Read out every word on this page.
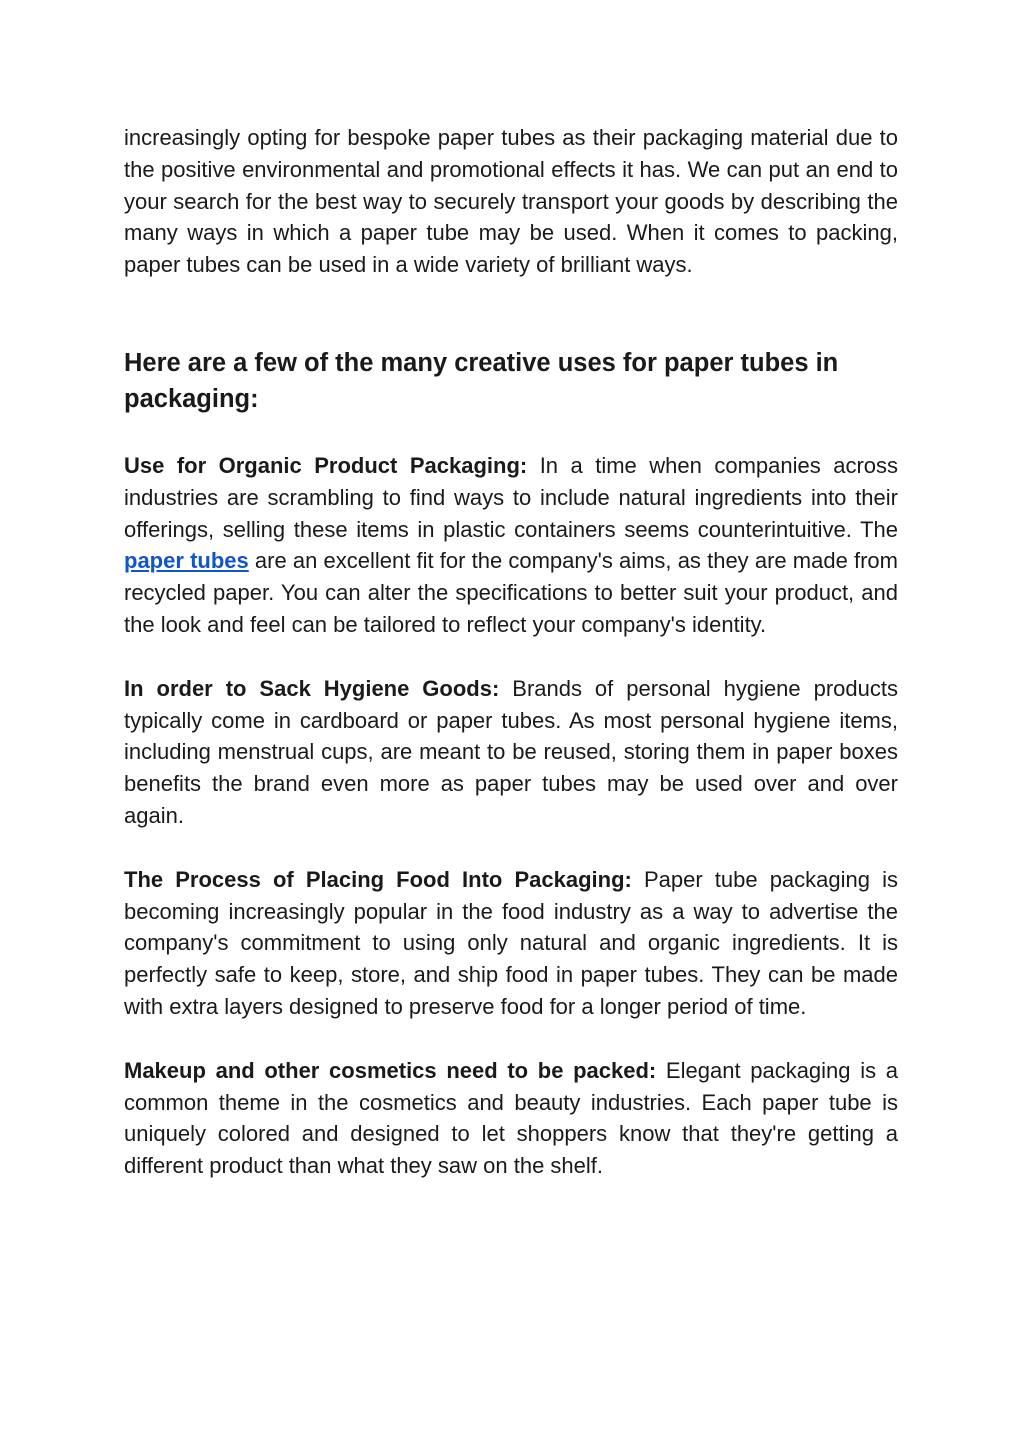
increasingly opting for bespoke paper tubes as their packaging material due to the positive environmental and promotional effects it has. We can put an end to your search for the best way to securely transport your goods by describing the many ways in which a paper tube may be used. When it comes to packing, paper tubes can be used in a wide variety of brilliant ways.

Here are a few of the many creative uses for paper tubes in packaging:

Use for Organic Product Packaging: In a time when companies across industries are scrambling to find ways to include natural ingredients into their offerings, selling these items in plastic containers seems counterintuitive. The paper tubes are an excellent fit for the company's aims, as they are made from recycled paper. You can alter the specifications to better suit your product, and the look and feel can be tailored to reflect your company's identity.

In order to Sack Hygiene Goods: Brands of personal hygiene products typically come in cardboard or paper tubes. As most personal hygiene items, including menstrual cups, are meant to be reused, storing them in paper boxes benefits the brand even more as paper tubes may be used over and over again.

The Process of Placing Food Into Packaging: Paper tube packaging is becoming increasingly popular in the food industry as a way to advertise the company's commitment to using only natural and organic ingredients. It is perfectly safe to keep, store, and ship food in paper tubes. They can be made with extra layers designed to preserve food for a longer period of time.

Makeup and other cosmetics need to be packed: Elegant packaging is a common theme in the cosmetics and beauty industries. Each paper tube is uniquely colored and designed to let shoppers know that they're getting a different product than what they saw on the shelf.
